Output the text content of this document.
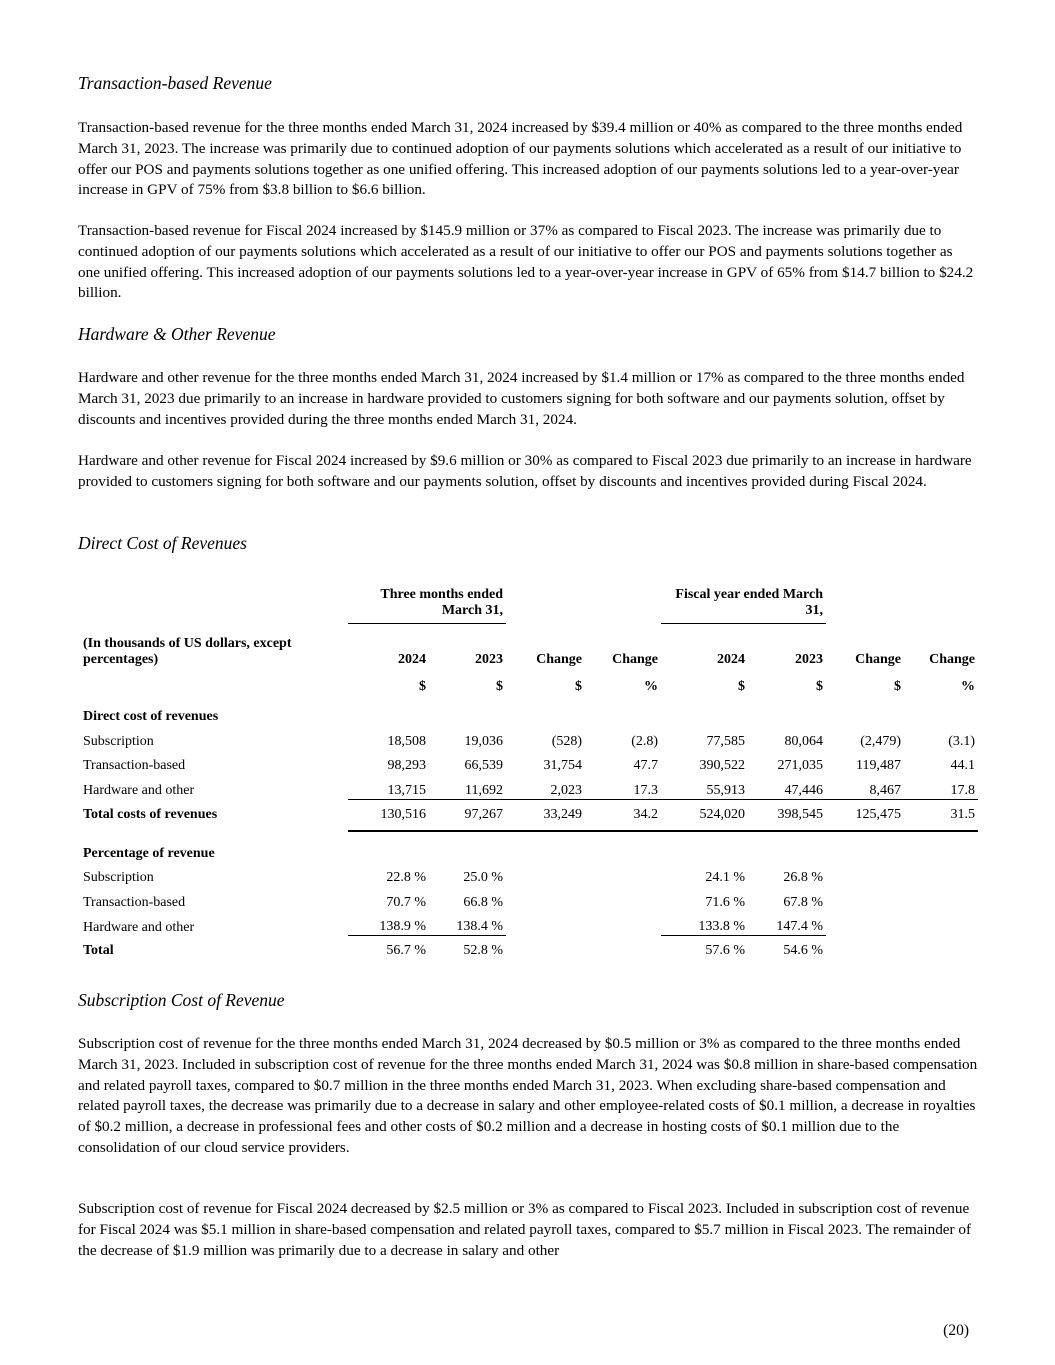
Transaction-based Revenue

Transaction-based revenue for the three months ended March 31, 2024 increased by $39.4 million or 40% as compared to the three months ended March 31, 2023. The increase was primarily due to continued adoption of our payments solutions which accelerated as a result of our initiative to offer our POS and payments solutions together as one unified offering. This increased adoption of our payments solutions led to a year-over-year increase in GPV of 75% from $3.8 billion to $6.6 billion.

Transaction-based revenue for Fiscal 2024 increased by $145.9 million or 37% as compared to Fiscal 2023. The increase was primarily due to continued adoption of our payments solutions which accelerated as a result of our initiative to offer our POS and payments solutions together as one unified offering. This increased adoption of our payments solutions led to a year-over-year increase in GPV of 65% from $14.7 billion to $24.2 billion.

Hardware & Other Revenue

Hardware and other revenue for the three months ended March 31, 2024 increased by $1.4 million or 17% as compared to the three months ended March 31, 2023 due primarily to an increase in hardware provided to customers signing for both software and our payments solution, offset by discounts and incentives provided during the three months ended March 31, 2024.

Hardware and other revenue for Fiscal 2024 increased by $9.6 million or 30% as compared to Fiscal 2023 due primarily to an increase in hardware provided to customers signing for both software and our payments solution, offset by discounts and incentives provided during Fiscal 2024.

Direct Cost of Revenues
	Three months ended March 31,				Fiscal year ended March 31,			
(In thousands of US dollars, except percentages)	2024	2023	Change	Change	2024	2023	Change	Change
	$	$	$	%	$	$	$	%
Direct cost of revenues								
Subscription	18,508	19,036	(528)	(2.8)	77,585	80,064	(2,479)	(3.1)
Transaction-based	98,293	66,539	31,754	47.7	390,522	271,035	119,487	44.1
Hardware and other	13,715	11,692	2,023	17.3	55,913	47,446	8,467	17.8
Total costs of revenues	130,516	97,267	33,249	34.2	524,020	398,545	125,475	31.5
Percentage of revenue								
Subscription	22.8 %	25.0 %			24.1 %	26.8 %		
Transaction-based	70.7 %	66.8 %			71.6 %	67.8 %		
Hardware and other	138.9 %	138.4 %			133.8 %	147.4 %		
Total	56.7 %	52.8 %			57.6 %	54.6 %		
Subscription Cost of Revenue

Subscription cost of revenue for the three months ended March 31, 2024 decreased by $0.5 million or 3% as compared to the three months ended March 31, 2023. Included in subscription cost of revenue for the three months ended March 31, 2024 was $0.8 million in share-based compensation and related payroll taxes, compared to $0.7 million in the three months ended March 31, 2023. When excluding share-based compensation and related payroll taxes, the decrease was primarily due to a decrease in salary and other employee-related costs of $0.1 million, a decrease in royalties of $0.2 million, a decrease in professional fees and other costs of $0.2 million and a decrease in hosting costs of $0.1 million due to the consolidation of our cloud service providers.

Subscription cost of revenue for Fiscal 2024 decreased by $2.5 million or 3% as compared to Fiscal 2023. Included in subscription cost of revenue for Fiscal 2024 was $5.1 million in share-based compensation and related payroll taxes, compared to $5.7 million in Fiscal 2023. The remainder of the decrease of $1.9 million was primarily due to a decrease in salary and other

(20)
